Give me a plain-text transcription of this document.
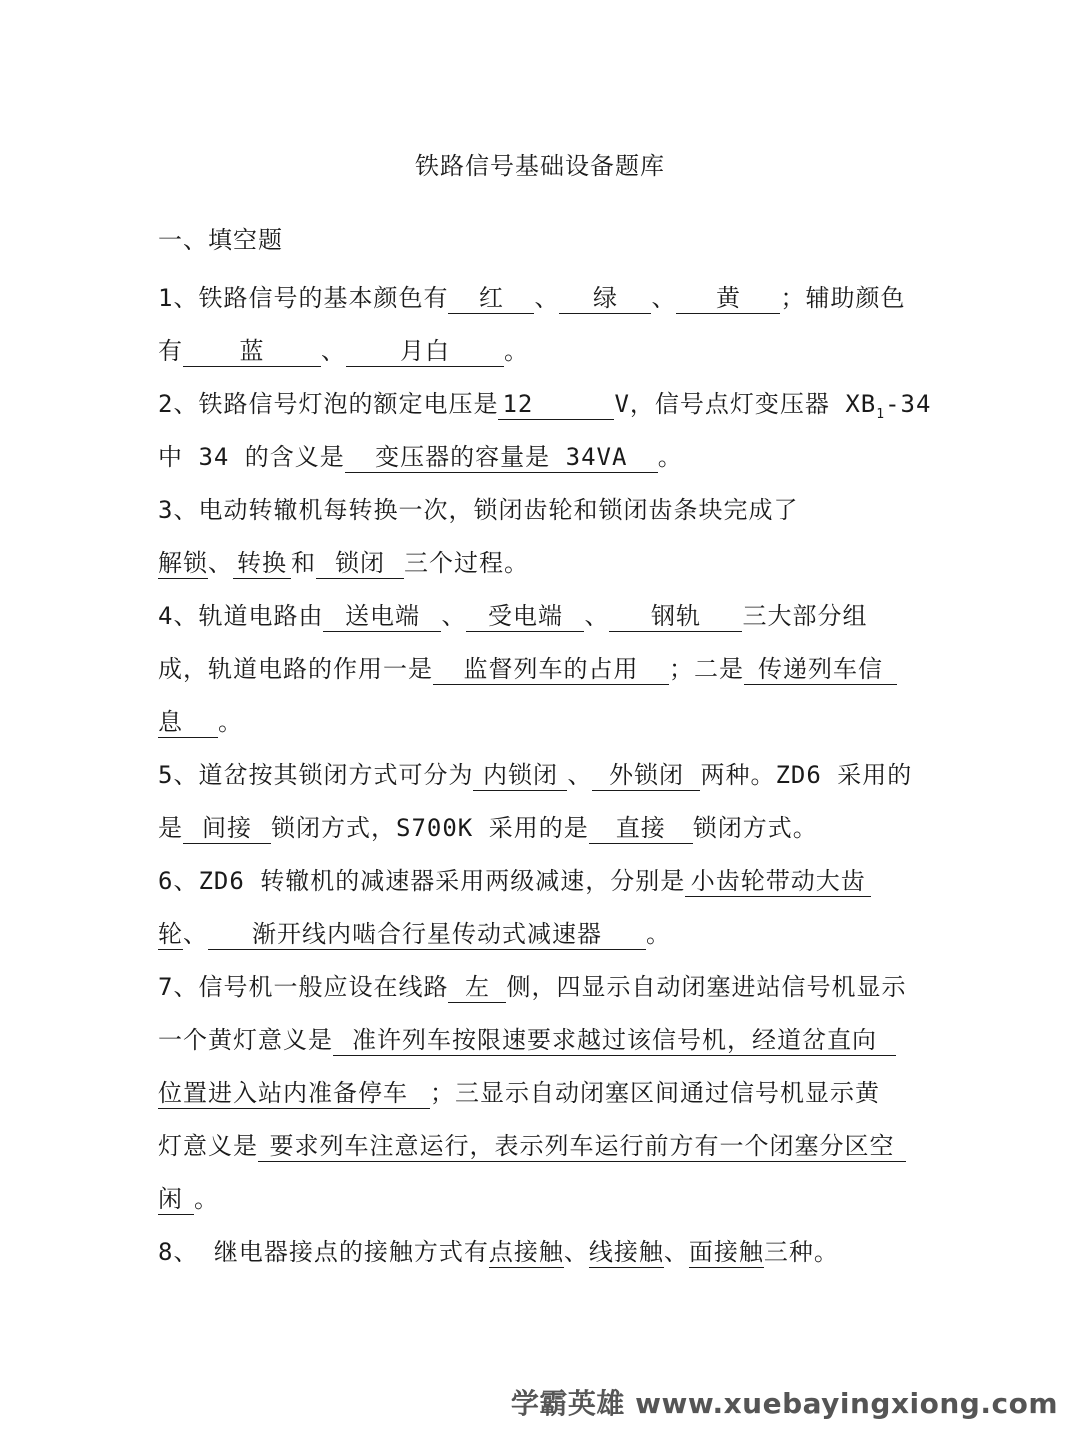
铁路信号基础设备题库
一、填空题
1、铁路信号的基本颜色有 红 、 绿 、 黄 ；辅助颜色
有 蓝 、 月白 。
2、铁路信号灯泡的额定电压是 12	V，信号点灯变压器 $XB_1-34$
中 34 的含义是 变压器的容量是 34VA 。
3、电动转辙机每转换一次，锁闭齿轮和锁闭齿条块完成了
解锁、 转换 和 锁闭 三个过程。
4、轨道电路由 送电端 、 受电端 、 钢轨 三大部分组
成，轨道电路的作用一是 监督列车的占用 ；二是 传递列车信
息 。
5、道岔按其锁闭方式可分为 内锁闭 、 外锁闭 两种。ZD6 采用的
是 间接 锁闭方式，S700K 采用的是 直接 锁闭方式。
6、ZD6 转辙机的减速器采用两级减速，分别是 小齿轮带动大齿
轮、 渐开线内啮合行星传动式减速器 。
7、信号机一般应设在线路 左 侧，四显示自动闭塞进站信号机显示
一个黄灯意义是 准许列车按限速要求越过该信号机，经道岔直向
位置进入站内准备停车 ；三显示自动闭塞区间通过信号机显示黄
灯意义是 要求列车注意运行，表示列车运行前方有一个闭塞分区空
闲 。
8、 继电器接点的接触方式有点接触、线接触、面接触三种。
学霸英雄 www.xuebayingxiong.com
